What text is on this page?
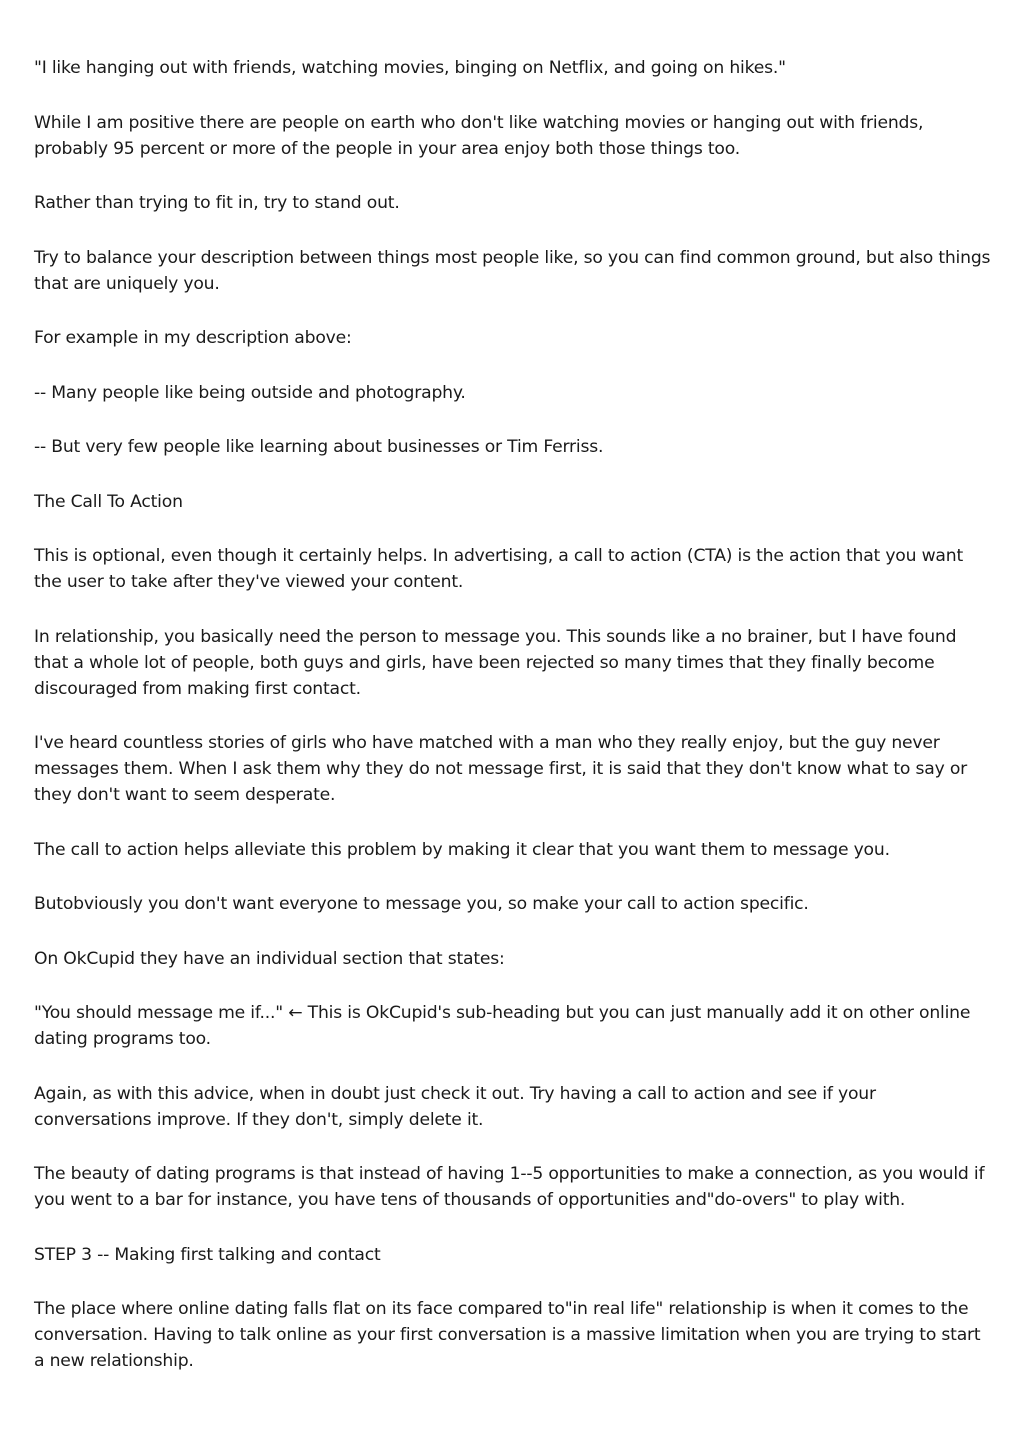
"I like hanging out with friends, watching movies, binging on Netflix, and going on hikes."

While I am positive there are people on earth who don't like watching movies or hanging out with friends, probably 95 percent or more of the people in your area enjoy both those things too.

Rather than trying to fit in, try to stand out.

Try to balance your description between things most people like, so you can find common ground, but also things that are uniquely you.

For example in my description above:

-- Many people like being outside and photography.

-- But very few people like learning about businesses or Tim Ferriss.

The Call To Action

This is optional, even though it certainly helps. In advertising, a call to action (CTA) is the action that you want the user to take after they've viewed your content.

In relationship, you basically need the person to message you. This sounds like a no brainer, but I have found that a whole lot of people, both guys and girls, have been rejected so many times that they finally become discouraged from making first contact.

I've heard countless stories of girls who have matched with a man who they really enjoy, but the guy never messages them. When I ask them why they do not message first, it is said that they don't know what to say or they don't want to seem desperate.

The call to action helps alleviate this problem by making it clear that you want them to message you.

Butobviously you don't want everyone to message you, so make your call to action specific.

On OkCupid they have an individual section that states:

"You should message me if..." ← This is OkCupid's sub-heading but you can just manually add it on other online dating programs too.

Again, as with this advice, when in doubt just check it out. Try having a call to action and see if your conversations improve. If they don't, simply delete it.

The beauty of dating programs is that instead of having 1--5 opportunities to make a connection, as you would if you went to a bar for instance, you have tens of thousands of opportunities and"do-overs" to play with.

STEP 3 -- Making first talking and contact

The place where online dating falls flat on its face compared to"in real life" relationship is when it comes to the conversation. Having to talk online as your first conversation is a massive limitation when you are trying to start a new relationship.
